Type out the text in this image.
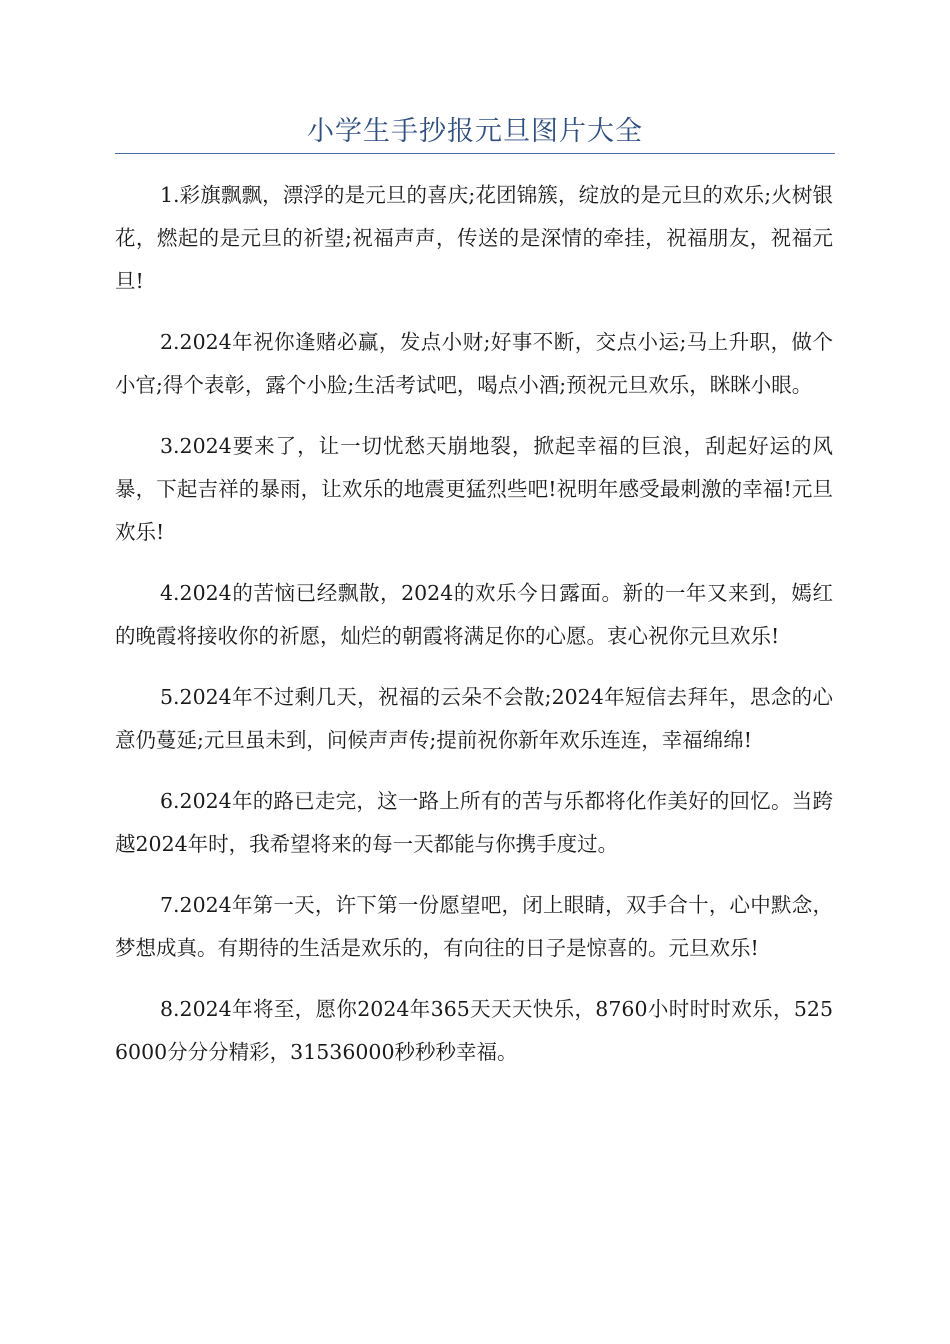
小学生手抄报元旦图片大全

1.彩旗飘飘，漂浮的是元旦的喜庆;花团锦簇，绽放的是元旦的欢乐;火树银花，燃起的是元旦的祈望;祝福声声，传送的是深情的牵挂，祝福朋友，祝福元旦!

2.2024年祝你逢赌必赢，发点小财;好事不断，交点小运;马上升职，做个小官;得个表彰，露个小脸;生活考试吧，喝点小酒;预祝元旦欢乐，眯眯小眼。

3.2024要来了，让一切忧愁天崩地裂，掀起幸福的巨浪，刮起好运的风暴，下起吉祥的暴雨，让欢乐的地震更猛烈些吧!祝明年感受最刺激的幸福!元旦欢乐!

4.2024的苦恼已经飘散，2024的欢乐今日露面。新的一年又来到，嫣红的晚霞将接收你的祈愿，灿烂的朝霞将满足你的心愿。衷心祝你元旦欢乐!

5.2024年不过剩几天，祝福的云朵不会散;2024年短信去拜年，思念的心意仍蔓延;元旦虽未到，问候声声传;提前祝你新年欢乐连连，幸福绵绵!

6.2024年的路已走完，这一路上所有的苦与乐都将化作美好的回忆。当跨越2024年时，我希望将来的每一天都能与你携手度过。

7.2024年第一天，许下第一份愿望吧，闭上眼睛，双手合十，心中默念，梦想成真。有期待的生活是欢乐的，有向往的日子是惊喜的。元旦欢乐!

8.2024年将至，愿你2024年365天天天快乐，8760小时时时欢乐，5256000分分分精彩，31536000秒秒秒幸福。
